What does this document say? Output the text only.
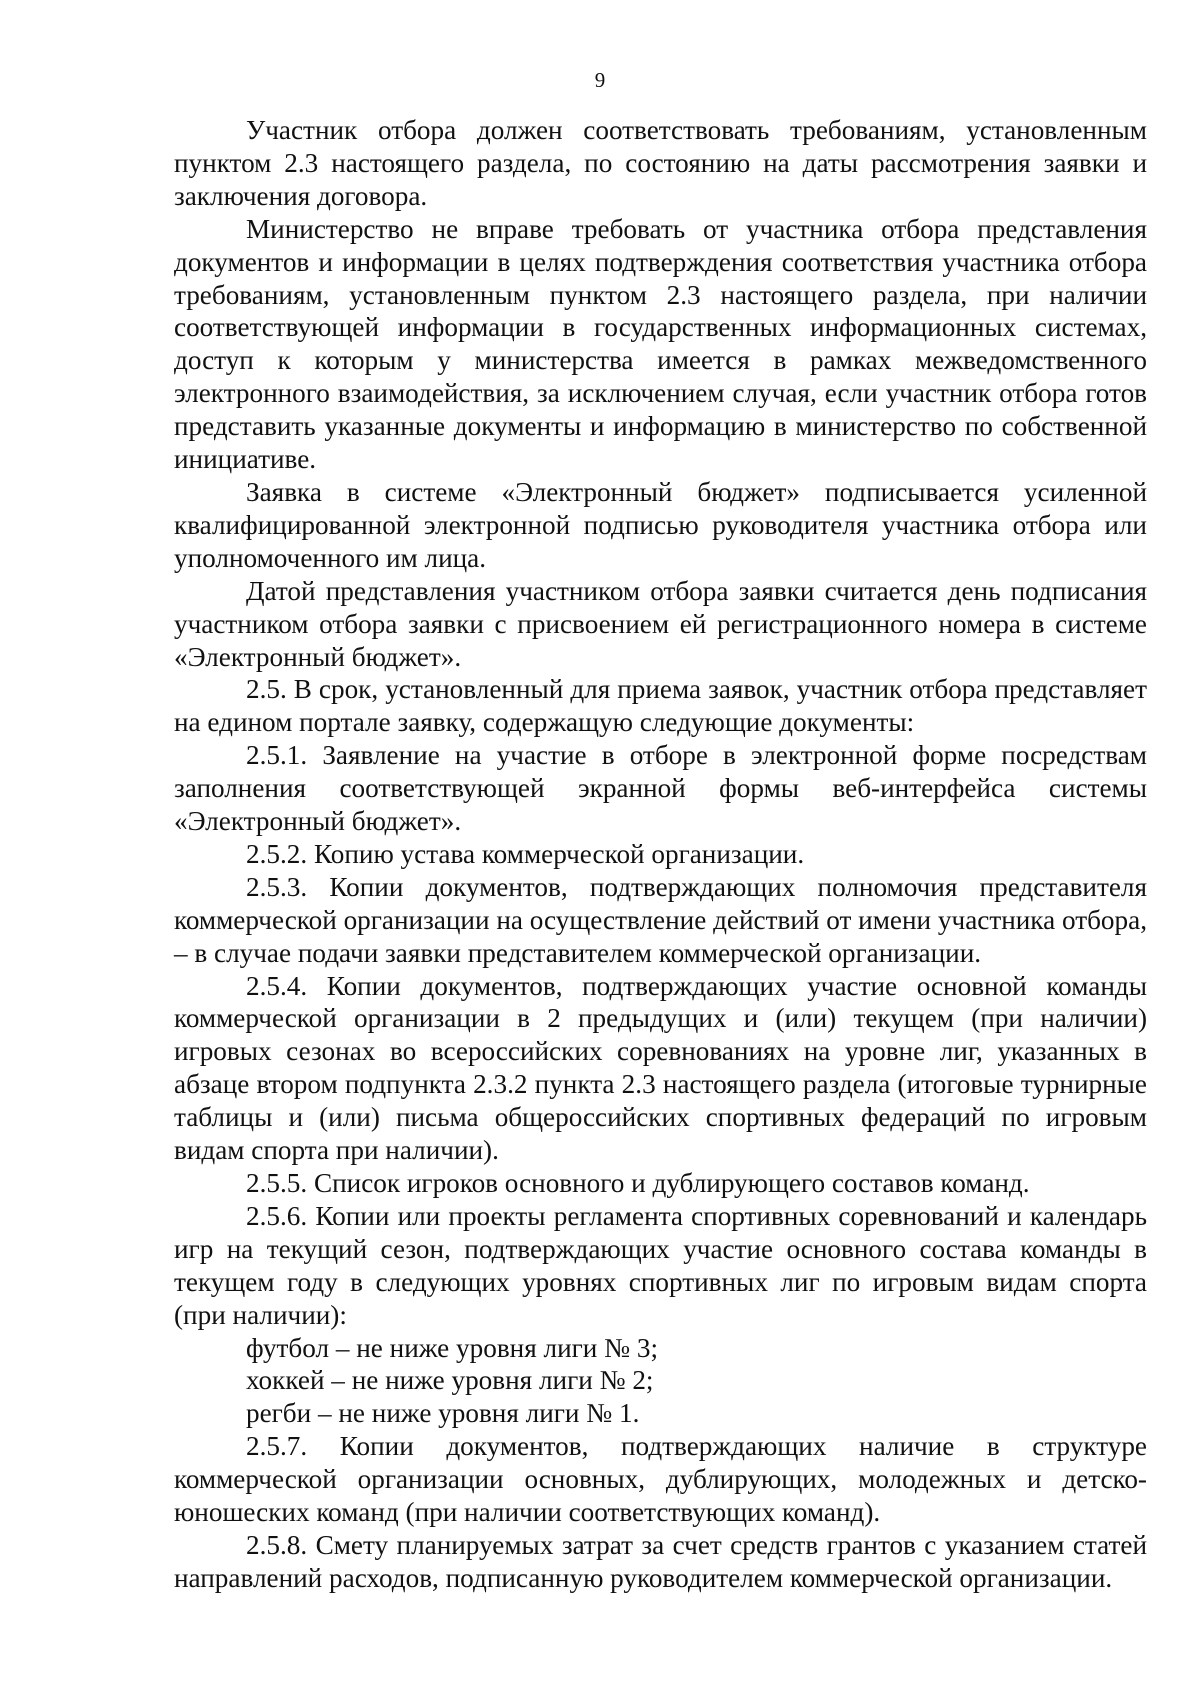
9

Участник отбора должен соответствовать требованиям, установленным пунктом 2.3 настоящего раздела, по состоянию на даты рассмотрения заявки и заключения договора.

Министерство не вправе требовать от участника отбора представления документов и информации в целях подтверждения соответствия участника отбора требованиям, установленным пунктом 2.3 настоящего раздела, при наличии соответствующей информации в государственных информационных системах, доступ к которым у министерства имеется в рамках межведомственного электронного взаимодействия, за исключением случая, если участник отбора готов представить указанные документы и информацию в министерство по собственной инициативе.

Заявка в системе «Электронный бюджет» подписывается усиленной квалифицированной электронной подписью руководителя участника отбора или уполномоченного им лица.

Датой представления участником отбора заявки считается день подписания участником отбора заявки с присвоением ей регистрационного номера в системе «Электронный бюджет».

2.5. В срок, установленный для приема заявок, участник отбора представляет на едином портале заявку, содержащую следующие документы:

2.5.1. Заявление на участие в отборе в электронной форме посредствам заполнения соответствующей экранной формы веб-интерфейса системы «Электронный бюджет».

2.5.2. Копию устава коммерческой организации.

2.5.3. Копии документов, подтверждающих полномочия представителя коммерческой организации на осуществление действий от имени участника отбора, – в случае подачи заявки представителем коммерческой организации.

2.5.4. Копии документов, подтверждающих участие основной команды коммерческой организации в 2 предыдущих и (или) текущем (при наличии) игровых сезонах во всероссийских соревнованиях на уровне лиг, указанных в абзаце втором подпункта 2.3.2 пункта 2.3 настоящего раздела (итоговые турнирные таблицы и (или) письма общероссийских спортивных федераций по игровым видам спорта при наличии).

2.5.5. Список игроков основного и дублирующего составов команд.

2.5.6. Копии или проекты регламента спортивных соревнований и календарь игр на текущий сезон, подтверждающих участие основного состава команды в текущем году в следующих уровнях спортивных лиг по игровым видам спорта (при наличии):

футбол – не ниже уровня лиги № 3;

хоккей – не ниже уровня лиги № 2;

регби – не ниже уровня лиги № 1.

2.5.7. Копии документов, подтверждающих наличие в структуре коммерческой организации основных, дублирующих, молодежных и детско-юношеских команд (при наличии соответствующих команд).

2.5.8. Смету планируемых затрат за счет средств грантов с указанием статей направлений расходов, подписанную руководителем коммерческой организации.
